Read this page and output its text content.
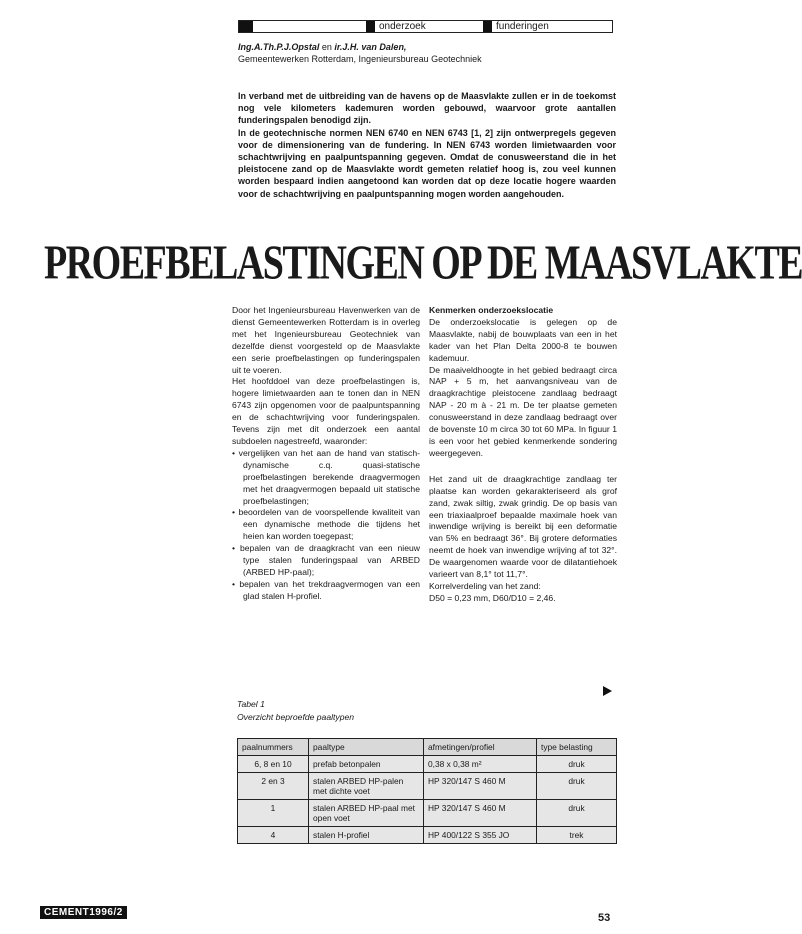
onderzoek	funderingen
Ing.A.Th.P.J.Opstal en ir.J.H. van Dalen,
Gemeentewerken Rotterdam, Ingenieursbureau Geotechniek

In verband met de uitbreiding van de havens op de Maasvlakte zullen er in de toekomst nog vele kilometers kademuren worden gebouwd, waarvoor grote aantallen funderingspalen benodigd zijn.

In de geotechnische normen NEN 6740 en NEN 6743 [1, 2] zijn ontwerpregels gegeven voor de dimensionering van de fundering. In NEN 6743 worden limietwaarden voor schachtwrijving en paalpuntspanning gegeven. Omdat de conusweerstand die in het pleistocene zand op de Maasvlakte wordt gemeten relatief hoog is, zou veel kunnen worden bespaard indien aangetoond kan worden dat op deze locatie hogere waarden voor de schachtwrijving en paalpuntspanning mogen worden aangehouden.

PROEFBELASTINGEN OP DE MAASVLAKTE

Door het Ingenieursbureau Havenwerken van de dienst Gemeentewerken Rotterdam is in overleg met het Ingenieursbureau Geotechniek van dezelfde dienst voorgesteld op de Maasvlakte een serie proefbelastingen op funderingspalen uit te voeren.

Het hoofddoel van deze proefbelastingen is, hogere limietwaarden aan te tonen dan in NEN 6743 zijn opgenomen voor de paalpuntspanning en de schachtwrijving voor funderingspalen. Tevens zijn met dit onderzoek een aantal subdoelen nagestreefd, waaronder:

• vergelijken van het aan de hand van statisch-dynamische c.q. quasi-statische proefbelastingen berekende draagvermogen met het draagvermogen bepaald uit statische proefbelastingen;

• beoordelen van de voorspellende kwaliteit van een dynamische methode die tijdens het heien kan worden toegepast;

• bepalen van de draagkracht van een nieuw type stalen funderingspaal van ARBED (ARBED HP-paal);

• bepalen van het trekdraagvermogen van een glad stalen H-profiel.

Kenmerken onderzoekslocatie

De onderzoekslocatie is gelegen op de Maasvlakte, nabij de bouwplaats van een in het kader van het Plan Delta 2000-8 te bouwen kademuur.

De maaiveldhoogte in het gebied bedraagt circa NAP + 5 m, het aanvangsniveau van de draagkrachtige pleistocene zandlaag bedraagt NAP - 20 m à - 21 m. De ter plaatse gemeten conusweerstand in deze zandlaag bedraagt over de bovenste 10 m circa 30 tot 60 MPa. In figuur 1 is een voor het gebied kenmerkende sondering weergegeven.

Het zand uit de draagkrachtige zandlaag ter plaatse kan worden gekarakteriseerd als grof zand, zwak siltig, zwak grindig. De op basis van een triaxiaalproef bepaalde maximale hoek van inwendige wrijving is bereikt bij een deformatie van 5% en bedraagt 36°. Bij grotere deformaties neemt de hoek van inwendige wrijving af tot 32°. De waargenomen waarde voor de dilatantiehoek varieert van 8,1° tot 11,7°.

Korrelverdeling van het zand:

D50 = 0,23 mm, D60/D10 = 2,46.

Tabel 1
Overzicht beproefde paaltypen
paalnummers	paaltype	afmetingen/profiel	type belasting
6, 8 en 10	prefab betonpalen	0,38 x 0,38 m²	druk
2 en 3	stalen ARBED HP-palen met dichte voet	HP 320/147 S 460 M	druk
1	stalen ARBED HP-paal met open voet	HP 320/147 S 460 M	druk
4	stalen H-profiel	HP 400/122 S 355 JO	trek
CEMENT1996/2	53
